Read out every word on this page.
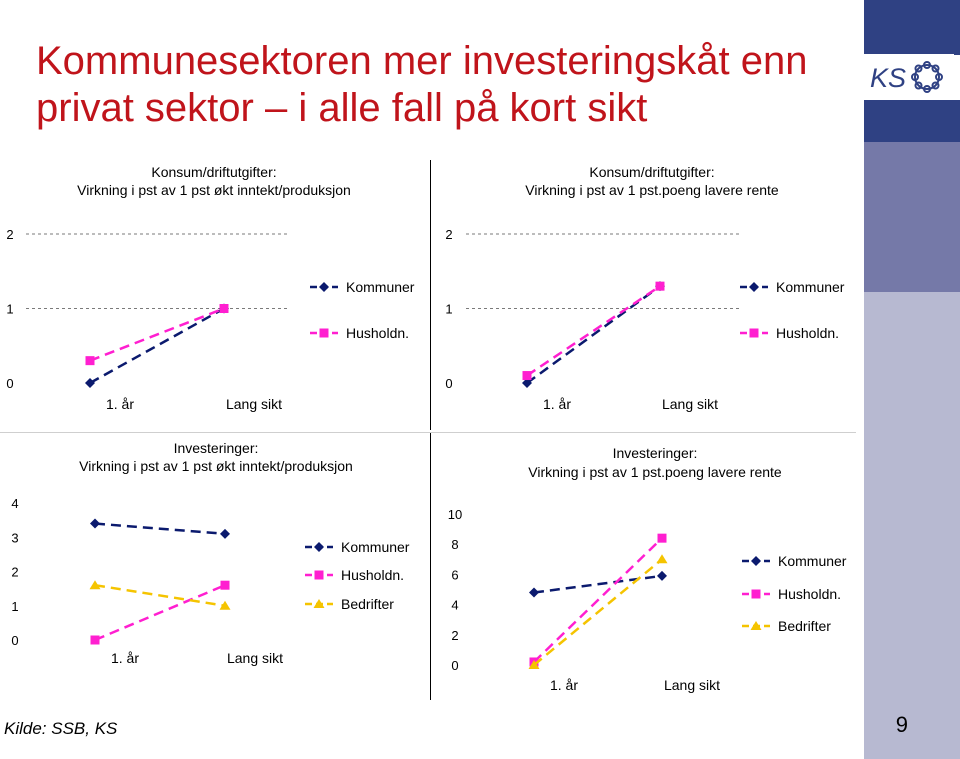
KS
Kommunesektoren mer investeringskåt enn privat sektor – i alle fall på kort sikt
Konsum/driftutgifter:
Virkning i pst av 1 pst økt inntekt/produksjon
0
1
2
1. år	Lang sikt
Kommuner
Husholdn.
Konsum/driftutgifter:
Virkning i pst av 1 pst.poeng lavere rente
0
1
2
1. år	Lang sikt
Kommuner
Husholdn.
Investeringer:
Virkning i pst av 1 pst økt inntekt/produksjon
0
1
2
3
4
1. år	Lang sikt
Kommuner
Husholdn.
Bedrifter
Investeringer:
Virkning i pst av 1 pst.poeng lavere rente
0
2
4
6
8
10
1. år	Lang sikt
Kommuner
Husholdn.
Bedrifter
Kilde: SSB, KS	9
